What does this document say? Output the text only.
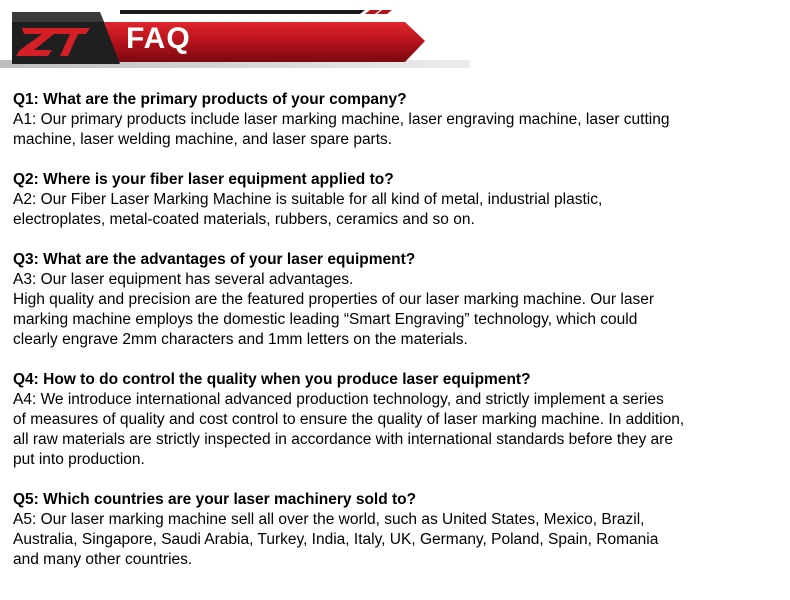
FAQ

Q1: What are the primary products of your company?

A1: Our primary products include laser marking machine, laser engraving machine, laser cutting

machine, laser welding machine, and laser spare parts.

Q2: Where is your fiber laser equipment applied to?

A2: Our Fiber Laser Marking Machine is suitable for all kind of metal, industrial plastic,

electroplates, metal-coated materials, rubbers, ceramics and so on.

Q3: What are the advantages of your laser equipment?

A3: Our laser equipment has several advantages.

High quality and precision are the featured properties of our laser marking machine. Our laser

marking machine employs the domestic leading “Smart Engraving” technology, which could

clearly engrave 2mm characters and 1mm letters on the materials.

Q4: How to do control the quality when you produce laser equipment?

A4: We introduce international advanced production technology, and strictly implement a series

of measures of quality and cost control to ensure the quality of laser marking machine. In addition,

all raw materials are strictly inspected in accordance with international standards before they are

put into production.

Q5: Which countries are your laser machinery sold to?

A5: Our laser marking machine sell all over the world, such as United States, Mexico, Brazil,

Australia, Singapore, Saudi Arabia, Turkey, India, Italy, UK, Germany, Poland, Spain, Romania

and many other countries.
